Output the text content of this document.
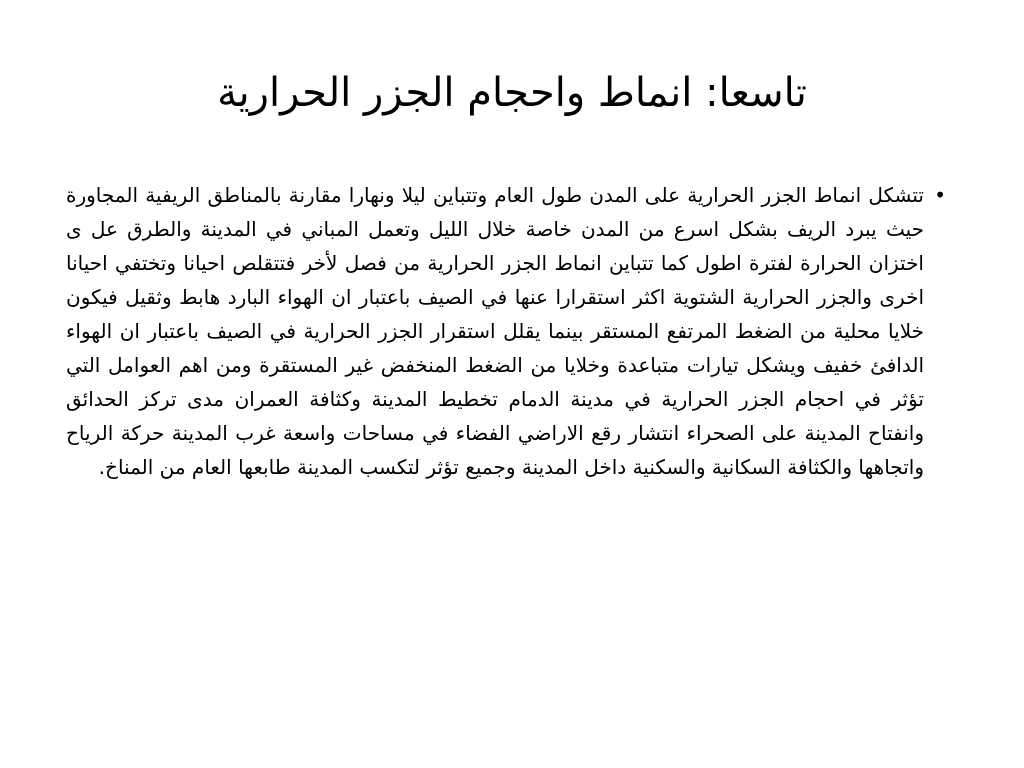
تاسعا: انماط واحجام الجزر الحرارية
•
تتشكل انماط الجزر الحرارية على المدن طول العام وتتباين ليلا ونهارا مقارنة بالمناطق الريفية المجاورة حيث يبرد الريف بشكل اسرع من المدن خاصة خلال الليل وتعمل المباني في المدينة والطرق عل ى اختزان الحرارة لفترة اطول كما تتباين انماط الجزر الحرارية من فصل لأخر فتتقلص احيانا وتختفي احيانا اخرى والجزر الحرارية الشتوية اكثر استقرارا عنها في الصيف باعتبار ان الهواء البارد هابط وثقيل فيكون خلايا محلية من الضغط المرتفع المستقر بينما يقلل استقرار الجزر الحرارية في الصيف باعتبار ان الهواء الدافئ خفيف ويشكل تيارات متباعدة وخلايا من الضغط المنخفض غير المستقرة ومن اهم العوامل التي تؤثر في احجام الجزر الحرارية في مدينة الدمام تخطيط المدينة وكثافة العمران مدى تركز الحدائق وانفتاح المدينة على الصحراء انتشار رقع الاراضي الفضاء في مساحات واسعة غرب المدينة حركة الرياح واتجاهها والكثافة السكانية والسكنية داخل المدينة وجميع تؤثر لتكسب المدينة طابعها العام من المناخ.
